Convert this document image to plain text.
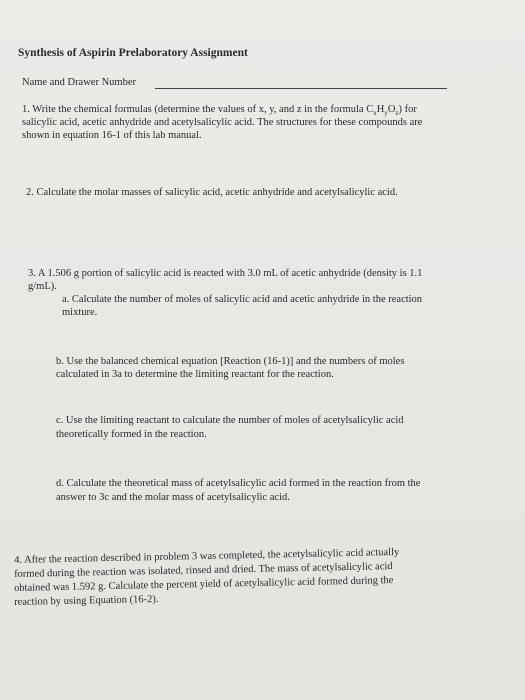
Synthesis of Aspirin Prelaboratory Assignment
Name and Drawer Number
1. Write the chemical formulas (determine the values of x, y, and z in the formula $C_xH_yO_z$) for
salicylic acid, acetic anhydride and acetylsalicylic acid. The structures for these compounds are
shown in equation 16-1 of this lab manual.
2. Calculate the molar masses of salicylic acid, acetic anhydride and acetylsalicylic acid.
3. A 1.506 g portion of salicylic acid is reacted with 3.0 mL of acetic anhydride (density is 1.1
g/mL).
a. Calculate the number of moles of salicylic acid and acetic anhydride in the reaction
mixture.
b. Use the balanced chemical equation [Reaction (16-1)] and the numbers of moles
calculated in 3a to determine the limiting reactant for the reaction.
c. Use the limiting reactant to calculate the number of moles of acetylsalicylic acid
theoretically formed in the reaction.
d. Calculate the theoretical mass of acetylsalicylic acid formed in the reaction from the
answer to 3c and the molar mass of acetylsalicylic acid.
4. After the reaction described in problem 3 was completed, the acetylsalicylic acid actually
formed during the reaction was isolated, rinsed and dried. The mass of acetylsalicylic acid
obtained was 1.592 g. Calculate the percent yield of acetylsalicylic acid formed during the
reaction by using Equation (16-2).
